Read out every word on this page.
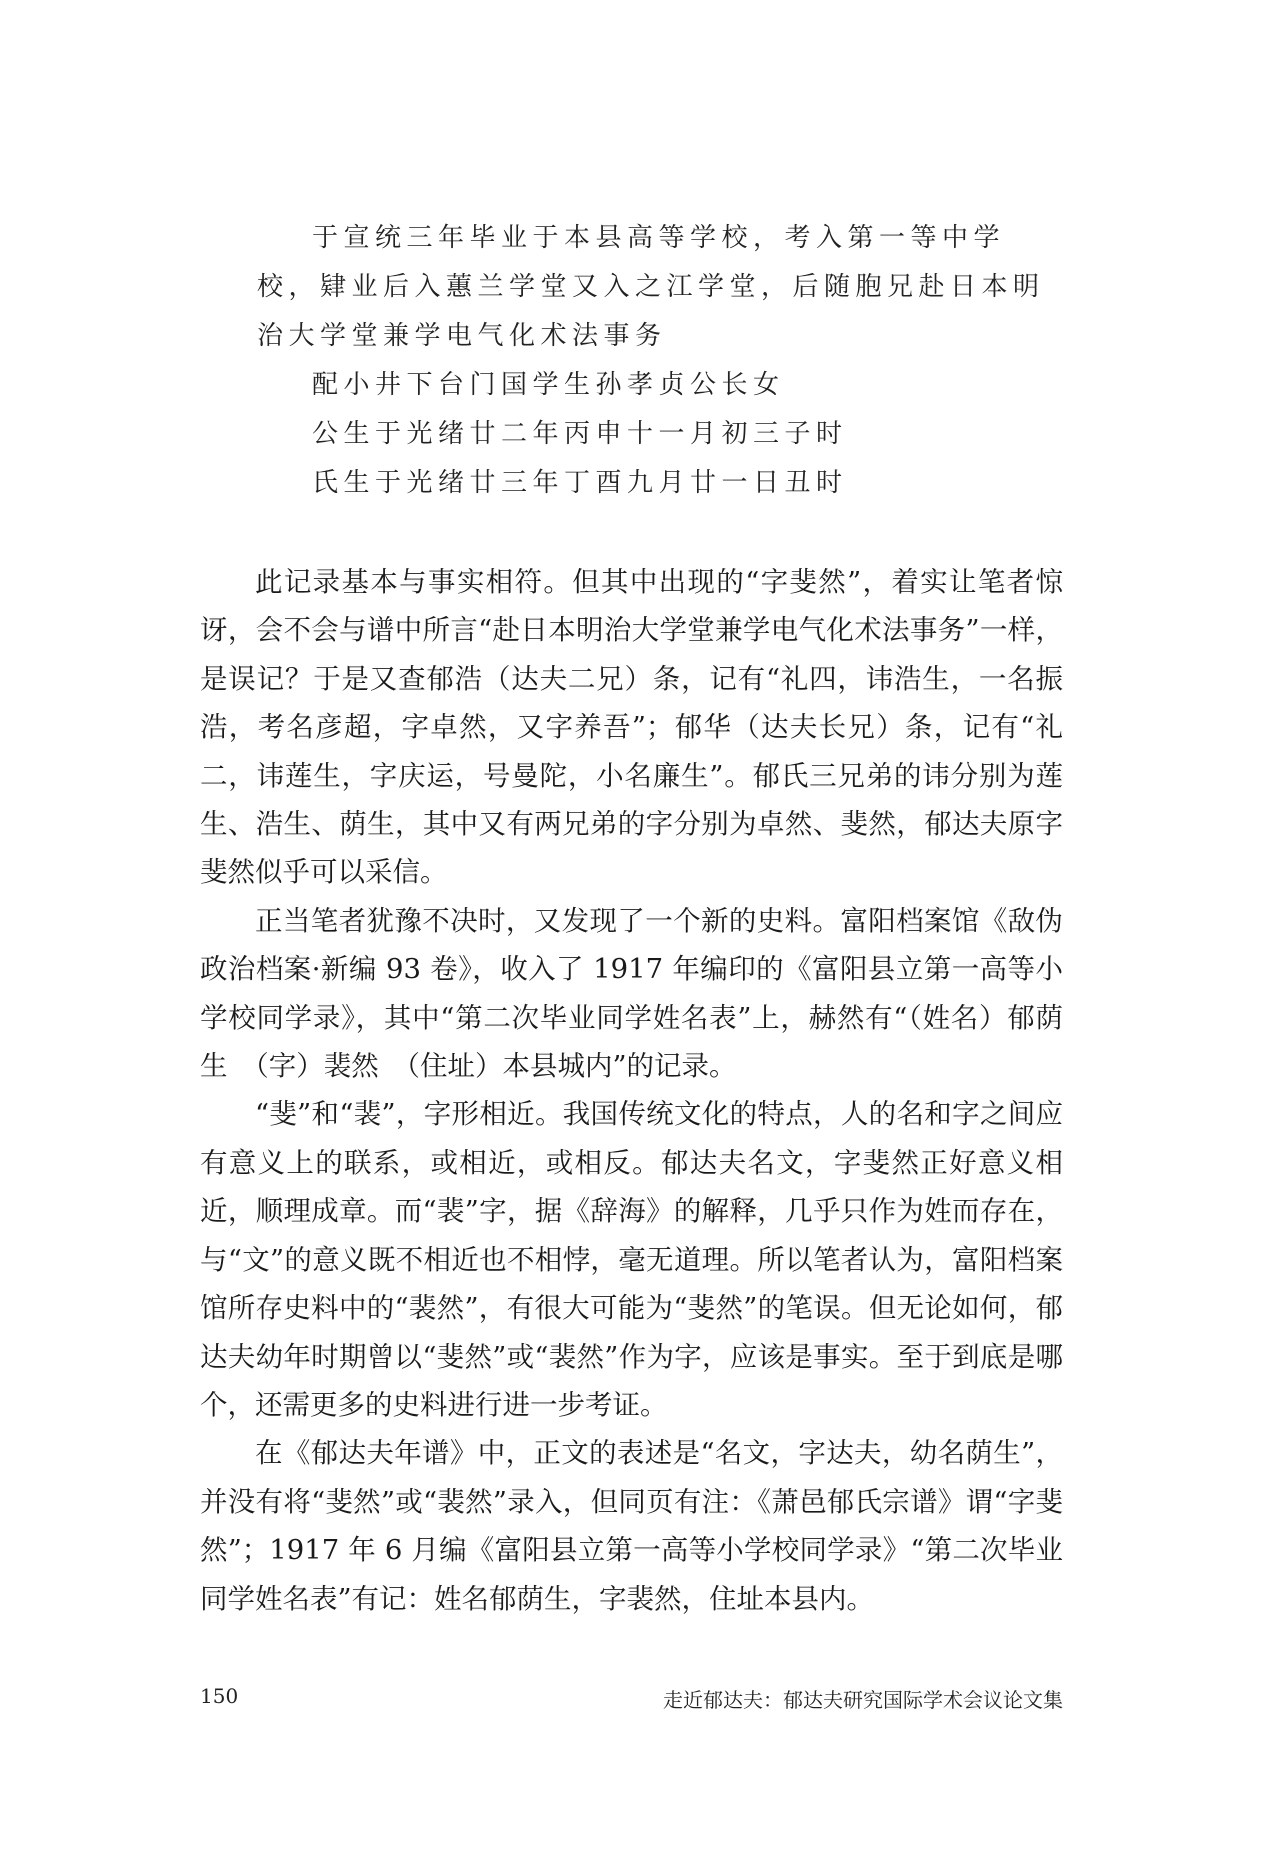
于宣统三年毕业于本县高等学校，考入第一等中学校，肄业后入蕙兰学堂又入之江学堂，后随胞兄赴日本明治大学堂兼学电气化术法事务

配小井下台门国学生孙孝贞公长女

公生于光绪廿二年丙申十一月初三子时

氏生于光绪廿三年丁酉九月廿一日丑时

此记录基本与事实相符。但其中出现的“字斐然”，着实让笔者惊讶，会不会与谱中所言“赴日本明治大学堂兼学电气化术法事务”一样，是误记？于是又查郁浩（达夫二兄）条，记有“礼四，讳浩生，一名振浩，考名彦超，字卓然，又字养吾”；郁华（达夫长兄）条，记有“礼二，讳莲生，字庆运，号曼陀，小名廉生”。郁氏三兄弟的讳分别为莲生、浩生、荫生，其中又有两兄弟的字分别为卓然、斐然，郁达夫原字斐然似乎可以采信。

正当笔者犹豫不决时，又发现了一个新的史料。富阳档案馆《敌伪政治档案·新编 93 卷》，收入了 1917 年编印的《富阳县立第一高等小学校同学录》，其中“第二次毕业同学姓名表”上，赫然有“（姓名）郁荫生　（字）裴然　（住址）本县城内”的记录。

“斐”和“裴”，字形相近。我国传统文化的特点，人的名和字之间应有意义上的联系，或相近，或相反。郁达夫名文，字斐然正好意义相近，顺理成章。而“裴”字，据《辞海》的解释，几乎只作为姓而存在，与“文”的意义既不相近也不相悖，毫无道理。所以笔者认为，富阳档案馆所存史料中的“裴然”，有很大可能为“斐然”的笔误。但无论如何，郁达夫幼年时期曾以“斐然”或“裴然”作为字，应该是事实。至于到底是哪个，还需更多的史料进行进一步考证。

在《郁达夫年谱》中，正文的表述是“名文，字达夫，幼名荫生”，并没有将“斐然”或“裴然”录入，但同页有注：《萧邑郁氏宗谱》谓“字斐然”；1917 年 6 月编《富阳县立第一高等小学校同学录》“第二次毕业同学姓名表”有记：姓名郁荫生，字裴然，住址本县内。

150	走近郁达夫：郁达夫研究国际学术会议论文集
